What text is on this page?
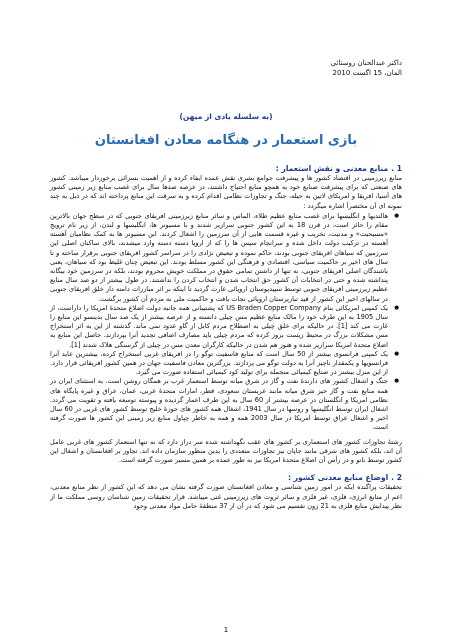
داکتر عبدالحنان روستائی
المان، 15 اگست 2010
(به سلسله یادی از میهن)
بازی استعمار در هنگامه معادن افغانستان
1 .
منابع معدنی و نقش استعمار :

منابع زیرزمینی در اقتصاد کشور ها و پیشرفت جوامع بشری نقش عمده ایفاء کرده و از اهمیت بسزائی برخوردار میباشد. کشور های صنعتی که برای پیشرفت صنایع خود به همچو منابع احتیاج داشتند، در عرصه صدها سال برای غصب منابع زیر زمینی کشور های آسیا، افریقا و امریکای لاتین به حیله، جنگ و تجاوزات نظامی اقدام کرده و به سرقت این منابع پرداخته اند که در ذیل به چند نمونه ای آن مختصرآ اشاره میگردد :

● هالندیها و انگلیسها برای غصب منابع عظیم طلاء، الماس و سائر منابع زیرزمینی افریقای جنوبی که در سطح جهان بالاترین مقام را حائز است، در قرن 18 به این کشور جنوبی سرازیر شدند و با مسیونر ها، انگلیسها و لندن، از زیر نام ترویج «مسیحیت» و مدنیت، تخریب و غیره قسمت هایی از آن سرزمین را اشغال کردند. این مسیونر ها به کمک نظامیان آهسته آهسته در ترکیب دولت داخل شده و سرانجام سپس ها را که از اروپا دسته دسته وارد میشدند، بالای ساکنان اصلی این سرزمین که سیاهان افریقای جنوبی بودند، حاکم نموده و تبعیض نژادی را در سراسر کشور افریقای جنوبی برقرار ساخته و تا سال های اخیر بر حاکمیت سیاسی، اقتصادی و فرهنگی این کشور مسلط بودند. این تبعیض چنان غلیظ بود که سیاهان، یعنی باشندگان اصلی افریقای جنوبی، نه تنها از داشتن تمامی حقوق در مملکت خویش محروم بودند، بلکه در سرزمین خود بیگانه پنداشته شده و حتی در انتخابات آن کشور حق انتخاب شدن و انتخاب کردن را نداشتند. در طول بیشتر از دو صد سال منابع عظیم زیرزمینی افریقای جنوبی توسط سپیدپوستان اروپائی غارت گردید تا اینکه بر اثر مبارزات دامنه دار خلق افریقای جنوبی در سالهای اخیر این کشور از قید تبارپرستان اروپائی نجات یافت و حاکمیت ملی به مردم آن کشور برگشت.
● یک کمپنی امریکائی بنام US Braden Copper Company که پشتیبانی همه جانبه دولت اضلاع متحدهٔ امریکا را داراست، از سال 1905 به این طرف خود را مالک منابع عظیم مس چیلی دانسته و از عرصه بیشتر از یک صد سال بدینسو این منابع را غارت می کند [1]. در حالیکه برای خلق چیلی به اصطلاح مردم کابل از گاو عدود نمی ماند. گذشته از این به اثر استخراج مس مشکلات بزرگ در محیط زیست بروز کرده که مردم چیلی باید مصارف اضافی تجدید آنرا بپردازند. حاصل این منابع به اضلاع متحدهٔ امریکا سرازیر شده و هنوز هم شدن در حالیکه کارگران معدن مس در چیلی از گرسنگی هلاک شدند [1].
● یک کمپنی فرانسوی بیشتر از 50 سال است که منابع فاسفیت توگو را در افریقای غربی استخراج کرده، بیشترین عاید آنرا فرانسویها و یکمقدار ناچیز آنرا به دولت توگو می پردازند. بزرگترین معادن فاسفیت جهان در همین کشور افریقائی قرار دارد. از این منزل بیشتر در صنایع کیمیائی منجمله برای تولید کود کیمیائی استفاده صورت می گیرد.
● جنگ و اشغال کشور های دارندهٔ نفت و گاز در شرق میانه توسط استعمار غرب بر همگان روشن است. به استثنای ایران در همه منابع نفت و گاز خیز شرق میانه مانند عربستان سعودی، قطر، امارات متحدهٔ عربی، عمان، عراق و غیره پایگاه های نظامی امریکا و انگلستان در عرصه بیشتر از 60 سال به این طرف اعمار گردیده و پیوسته توسعه یافته و تقویت می گردد. اشغال ایران توسط انگلیسها و روسها در سال 1941، اشغال همه کشور های حوزهٔ خلیج توسط کشور های غربی در 60 سال اخیر و اشغال عراق توسط امریکا در سال 2003 همه و همه به خاطر چپاول منابع زیر زمینی این کشور ها صورت گرفته است.

رشتهٔ تجاوزات کشور های استعماری بر کشور های عقب نگهداشته شده سر دراز دارد که نه تنها استعمار کشور های غربی عامل آن اند، بلکه کشور های شرقی مانند جاپان نیز تجاوزات متعددی را بدین منظور سازمان داده اند. تجاوز بر افغانستان و اشغال این کشور توسط ناتو و در رأس آن اضلاع متحدهٔ امریکا نیز به طور عمده بر همین مسیر صورت گرفته است.

2 .
اوضاع منابع معدنی کشور :

تحقیقات پراگنده ایکه در امور زمین شناسی و معادن افغانستان صورت گرفته نشان می دهد که این کشور از نظر منابع معدنی، اعم از منابع انرژی، فلزی، غیر فلزی و سائر ثروت های زیرزمینی غنی میباشد. قرار تحقیقات زمین شناسان روسی مملکت ما از نظر پیدایش منابع فلزی به 21 زون تقسیم می شود که در آن از 37 منطقهٔ حامل مواد معدنی وجود

1
